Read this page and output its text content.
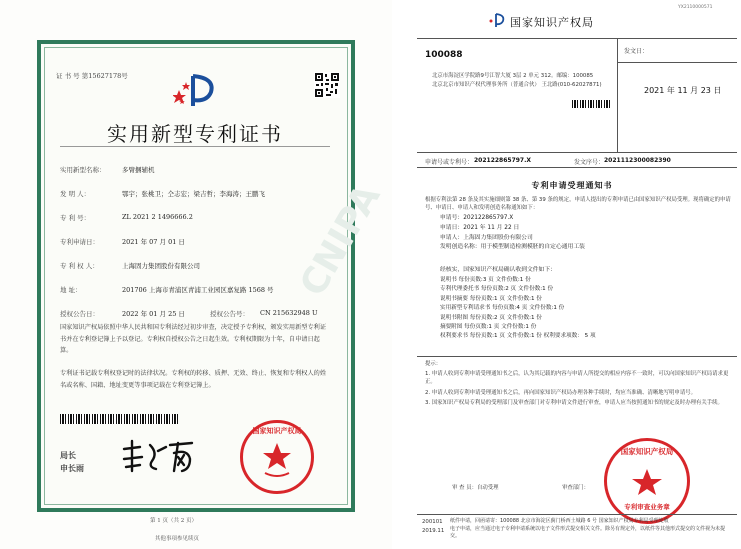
CNIPA
证 书 号 第15627178号
实用新型专利证书
实用新型名称：	多臂捆辅机
发 明 人：	鄂宇；张桃卫；仝志宏；梁吉哲；李海涛；王鹏飞
专 利 号：	ZL 2021 2 1496666.2
专利申请日：	2021 年 07 月 01 日
专 利 权 人：	上海固力集团股份有限公司
地 址：	201706 上海市青浦区青浦工业园区嘉复路 1568 号
授权公告日：	2022 年 01 月 25 日	授权公告号：	CN 215632948 U
国家知识产权局依照中华人民共和国专利法经过初步审查，决定授予专利权，颁发实用新型专利证书并在专利登记簿上予以登记。专利权自授权公告之日起生效。专利权期限为十年，自申请日起算。
专利证书记载专利权登记时的法律状况。专利权的转移、质押、无效、终止、恢复和专利权人的姓名或名称、国籍、地址变更等事项记载在专利登记簿上。
局长
申长雨
国家知识产权局
第 1 页（共 2 页）
其他事项参见续页
YX2110000571
国家知识产权局
100088
北京市海淀区学院路9号江智大厦 3层 2 单元 312。邮编：100085
北京北京市知识产权代理事务所（普通合伙） 王北路(010-62027871)
发文日：
2021 年 11 月 23 日
申请号或专利号： 202122865797.X	发文序号： 2021112300082390
专利申请受理通知书
根据专利法第 28 条及其实施细则第 38 条、第 39 条的规定，申请人提出的专利申请已由国家知识产权局受理。现将确定的申请号、申请日、申请人和发明创造名称通知如下：
申请号：202122865797.X
申请日：2021 年 11 月 22 日
申请人：上海固力集团股份有限公司
发明创造名称：用于模型制造检测模胚的自定心通用工装
经核实，国家知识产权局确认收到文件如下：
说明书 每份页数:3 页 文件份数:1 份
专利代理委托书 每份页数:2 页 文件份数:1 份
说明书摘要 每份页数:1 页 文件份数:1 份
实用新型专利请求书 每份页数:4 页 文件份数:1 份
说明书附图 每份页数:2 页 文件份数:1 份
摘要附图 每份页数:1 页 文件份数:1 份
权利要求书 每份页数:1 页 文件份数:1 份 权利要求项数： 5 项
提示：
1. 申请人收到专利申请受理通知书之后，认为其记载的内容与申请人所提交的相应内容不一致时，可以向国家知识产权局请求更正。
2. 申请人收到专利申请受理通知书之后，再向国家知识产权局办理各种手续时，均应当准确、清晰地写明申请号。
3. 国家知识产权局专利局的受理部门及审查部门对专利申请文件进行审查，申请人应当按照通知书的规定及时办理有关手续。
审 查 员：自动受理	审查部门：
国家知识产权局
专利审查业务章
200101
2019.11
纸件申请，回函请寄：100088 北京市海淀区蓟门桥西土城路 6 号 国家知识产权局专利局受理处收
电子申请，应当通过电子专利申请系统以电子文件形式提交相关文件。除另有规定外，以纸件等其他形式提交的文件视为未提交。
